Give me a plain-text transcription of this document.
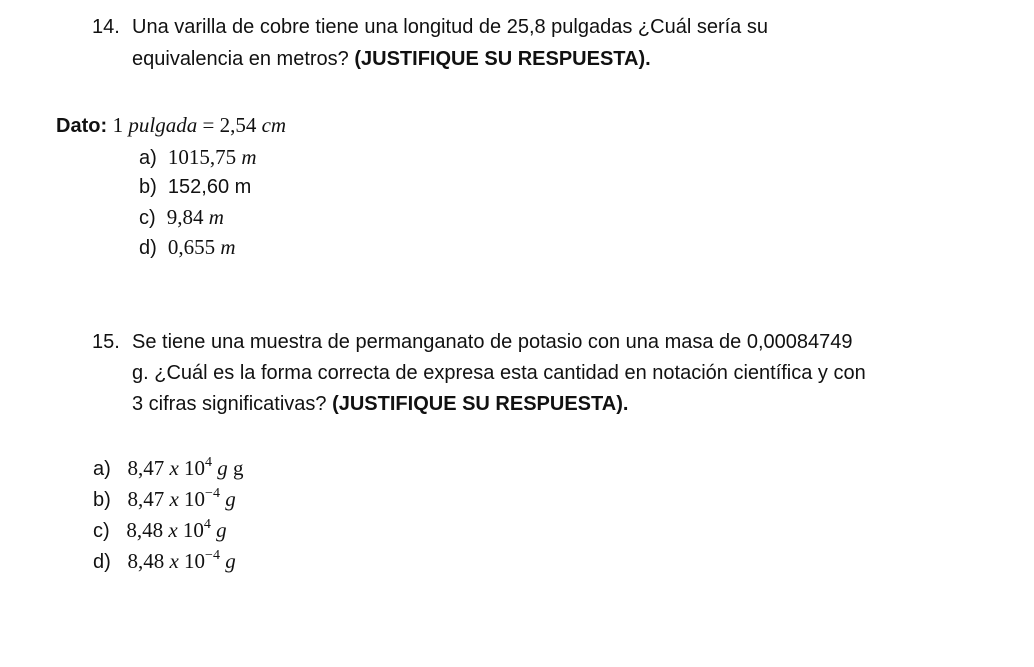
14. Una varilla de cobre tiene una longitud de 25,8 pulgadas ¿Cuál sería su
equivalencia en metros? (JUSTIFIQUE SU RESPUESTA).
Dato: 1 pulgada = 2,54 cm
a) 1015,75 m
b) 152,60 m
c) 9,84 m
d) 0,655 m
15. Se tiene una muestra de permanganato de potasio con una masa de 0,00084749
g. ¿Cuál es la forma correcta de expresa esta cantidad en notación científica y con
3 cifras significativas? (JUSTIFIQUE SU RESPUESTA).
a) 8,47 x $10^4$ g g
b) 8,47 x $10^{-4}$ g
c) 8,48 x $10^4$ g
d) 8,48 x $10^{-4}$ g
